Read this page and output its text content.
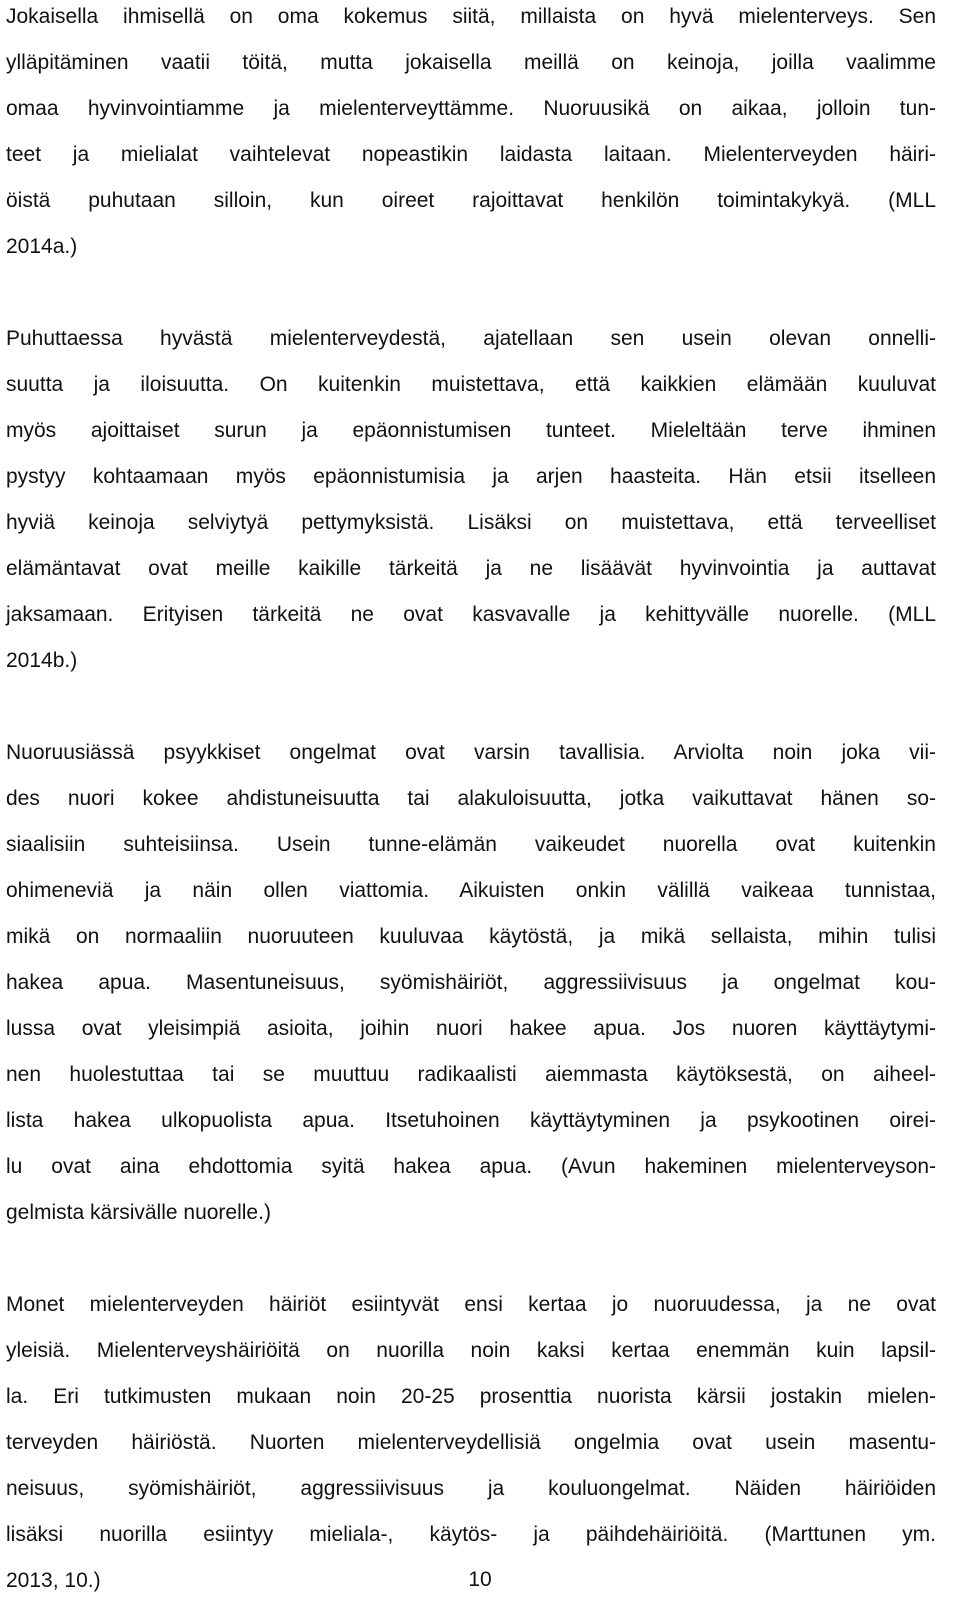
Jokaisella ihmisellä on oma kokemus siitä, millaista on hyvä mielenterveys. Sen
ylläpitäminen vaatii töitä, mutta jokaisella meillä on keinoja, joilla vaalimme
omaa hyvinvointiamme ja mielenterveyttämme. Nuoruusikä on aikaa, jolloin tun-
teet ja mielialat vaihtelevat nopeastikin laidasta laitaan. Mielenterveyden häiri-
öistä puhutaan silloin, kun oireet rajoittavat henkilön toimintakykyä. (MLL
2014a.)
Puhuttaessa hyvästä mielenterveydestä, ajatellaan sen usein olevan onnelli-
suutta ja iloisuutta. On kuitenkin muistettava, että kaikkien elämään kuuluvat
myös ajoittaiset surun ja epäonnistumisen tunteet. Mieleltään terve ihminen
pystyy kohtaamaan myös epäonnistumisia ja arjen haasteita. Hän etsii itselleen
hyviä keinoja selviytyä pettymyksistä. Lisäksi on muistettava, että terveelliset
elämäntavat ovat meille kaikille tärkeitä ja ne lisäävät hyvinvointia ja auttavat
jaksamaan. Erityisen tärkeitä ne ovat kasvavalle ja kehittyvälle nuorelle. (MLL
2014b.)
Nuoruusiässä psyykkiset ongelmat ovat varsin tavallisia. Arviolta noin joka vii-
des nuori kokee ahdistuneisuutta tai alakuloisuutta, jotka vaikuttavat hänen so-
siaalisiin suhteisiinsa. Usein tunne-elämän vaikeudet nuorella ovat kuitenkin
ohimeneviä ja näin ollen viattomia. Aikuisten onkin välillä vaikeaa tunnistaa,
mikä on normaaliin nuoruuteen kuuluvaa käytöstä, ja mikä sellaista, mihin tulisi
hakea apua. Masentuneisuus, syömishäiriöt, aggressiivisuus ja ongelmat kou-
lussa ovat yleisimpiä asioita, joihin nuori hakee apua. Jos nuoren käyttäytymi-
nen huolestuttaa tai se muuttuu radikaalisti aiemmasta käytöksestä, on aiheel-
lista hakea ulkopuolista apua. Itsetuhoinen käyttäytyminen ja psykootinen oirei-
lu ovat aina ehdottomia syitä hakea apua. (Avun hakeminen mielenterveyson-
gelmista kärsivälle nuorelle.)
Monet mielenterveyden häiriöt esiintyvät ensi kertaa jo nuoruudessa, ja ne ovat
yleisiä. Mielenterveyshäiriöitä on nuorilla noin kaksi kertaa enemmän kuin lapsil-
la. Eri tutkimusten mukaan noin 20-25 prosenttia nuorista kärsii jostakin mielen-
terveyden häiriöstä. Nuorten mielenterveydellisiä ongelmia ovat usein masentu-
neisuus, syömishäiriöt, aggressiivisuus ja kouluongelmat. Näiden häiriöiden
lisäksi nuorilla esiintyy mieliala-, käytös- ja päihdehäiriöitä. (Marttunen ym.
2013, 10.)	10
